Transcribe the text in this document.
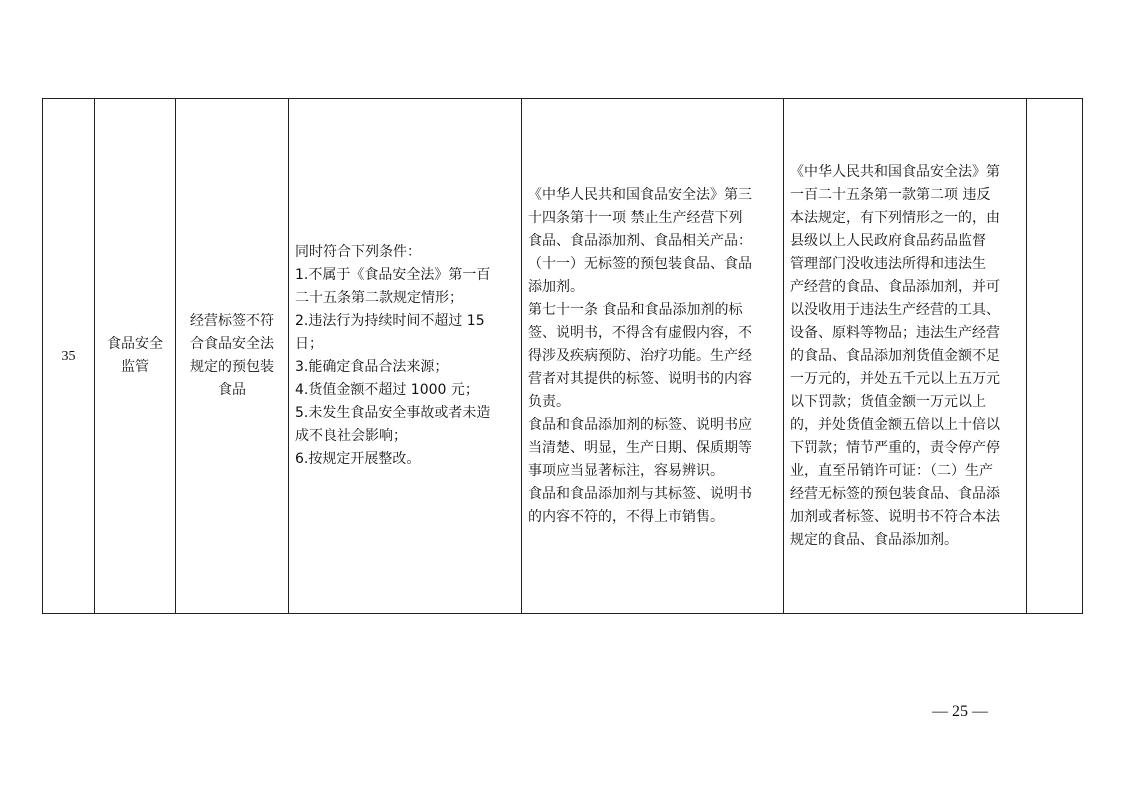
35	
食品安全
监管

经营标签不符
合食品安全法
规定的预包装
食品

同时符合下列条件：
1.不属于《食品安全法》第一百
二十五条第二款规定情形；
2.违法行为持续时间不超过 15
日；
3.能确定食品合法来源；
4.货值金额不超过 1000 元；
5.未发生食品安全事故或者未造
成不良社会影响；
6.按规定开展整改。

《中华人民共和国食品安全法》第三
十四条第十一项 禁止生产经营下列
食品、食品添加剂、食品相关产品：
（十一）无标签的预包装食品、食品
添加剂。
第七十一条 食品和食品添加剂的标
签、说明书，不得含有虚假内容，不
得涉及疾病预防、治疗功能。生产经
营者对其提供的标签、说明书的内容
负责。
食品和食品添加剂的标签、说明书应
当清楚、明显，生产日期、保质期等
事项应当显著标注，容易辨识。
食品和食品添加剂与其标签、说明书
的内容不符的，不得上市销售。

《中华人民共和国食品安全法》第
一百二十五条第一款第二项 违反
本法规定，有下列情形之一的，由
县级以上人民政府食品药品监督
管理部门没收违法所得和违法生
产经营的食品、食品添加剂，并可
以没收用于违法生产经营的工具、
设备、原料等物品；违法生产经营
的食品、食品添加剂货值金额不足
一万元的，并处五千元以上五万元
以下罚款；货值金额一万元以上
的，并处货值金额五倍以上十倍以
下罚款；情节严重的，责令停产停
业，直至吊销许可证：（二）生产
经营无标签的预包装食品、食品添
加剂或者标签、说明书不符合本法
规定的食品、食品添加剂。

— 25 —
